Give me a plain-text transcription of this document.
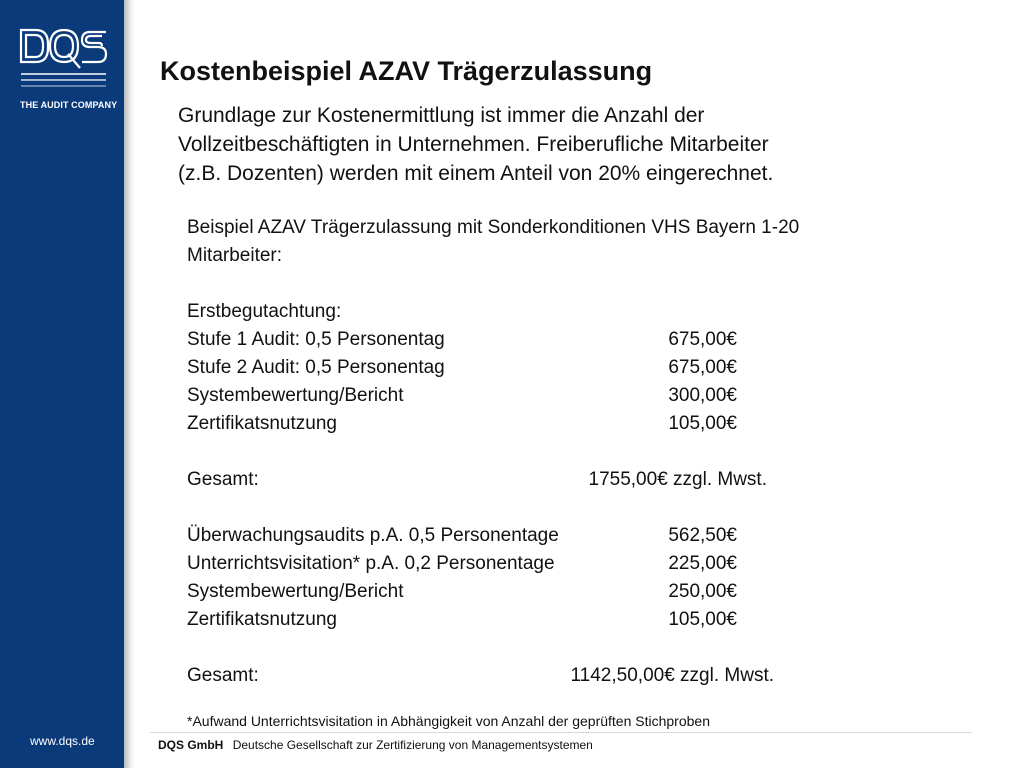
THE AUDIT COMPANY
www.dqs.de
Kostenbeispiel AZAV Trägerzulassung
Grundlage zur Kostenermittlung ist immer die Anzahl der
Vollzeitbeschäftigten in Unternehmen. Freiberufliche Mitarbeiter
(z.B. Dozenten) werden mit einem Anteil von 20% eingerechnet.
Beispiel AZAV Trägerzulassung mit Sonderkonditionen VHS Bayern 1-20
Mitarbeiter:
Erstbegutachtung:
Stufe 1 Audit: 0,5 Personentag	675,00€
Stufe 2 Audit: 0,5 Personentag	675,00€
Systembewertung/Bericht	300,00€
Zertifikatsnutzung	105,00€
Gesamt:	1755,00€ zzgl. Mwst.
Überwachungsaudits p.A. 0,5 Personentage	562,50€
Unterrichtsvisitation* p.A. 0,2 Personentage	225,00€
Systembewertung/Bericht	250,00€
Zertifikatsnutzung	105,00€
Gesamt:	1142,50,00€ zzgl. Mwst.
*Aufwand Unterrichtsvisitation in Abhängigkeit von Anzahl der geprüften Stichproben
DQS GmbH Deutsche Gesellschaft zur Zertifizierung von Managementsystemen
